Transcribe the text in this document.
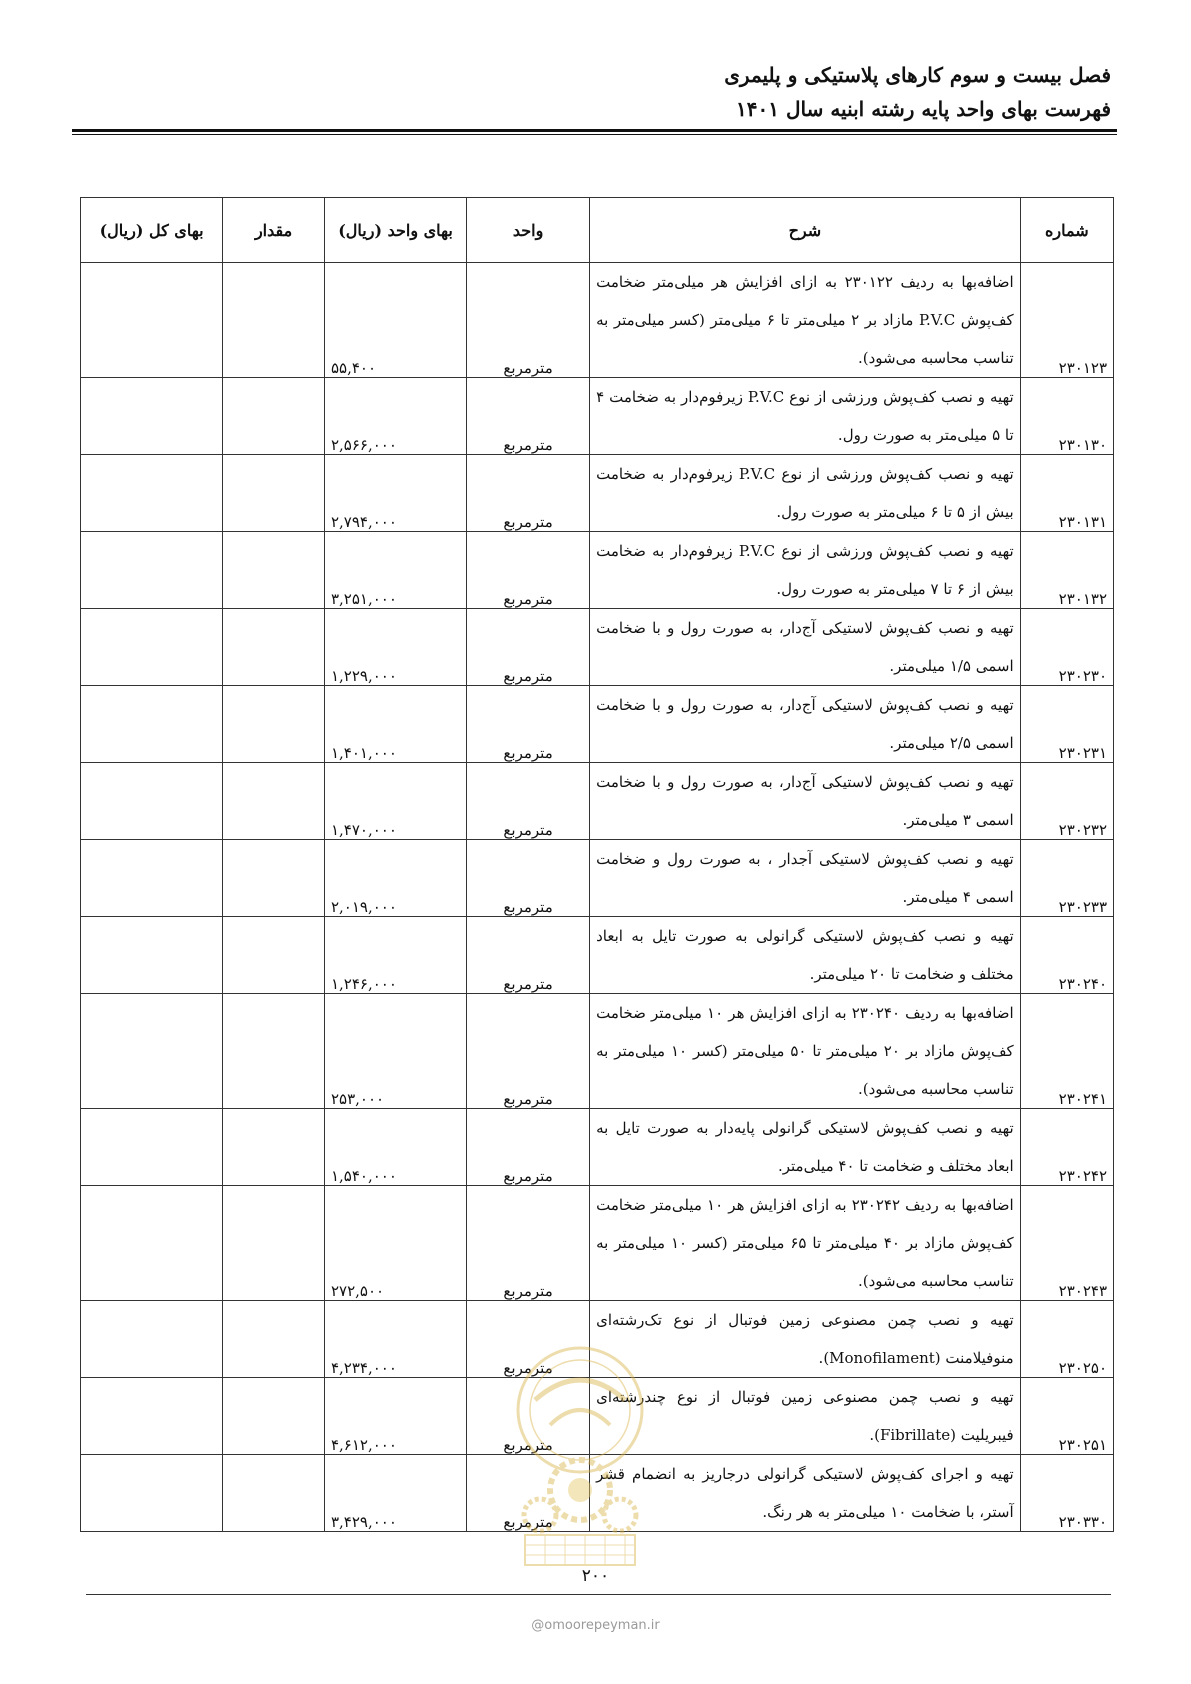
فصل بیست و سوم کارهای پلاستیکی و پلیمری
فهرست بهای واحد پایه رشته ابنیه سال ۱۴۰۱
شماره	شرح	واحد	بهای واحد (ریال)	مقدار	بهای کل (ریال)
۲۳۰۱۲۳	اضافه‌بها به ردیف ۲۳۰۱۲۲ به ازای افزایش هر میلی‌متر ضخامت کف‌پوش P.V.C مازاد بر ۲ میلی‌متر تا ۶ میلی‌متر (کسر میلی‌متر به تناسب محاسبه می‌شود).	مترمربع	۵۵,۴۰۰		
۲۳۰۱۳۰	تهیه و نصب کف‌پوش ورزشی از نوع P.V.C زیرفوم‌دار به ضخامت ۴ تا ۵ میلی‌متر به صورت رول.	مترمربع	۲,۵۶۶,۰۰۰		
۲۳۰۱۳۱	تهیه و نصب کف‌پوش ورزشی از نوع P.V.C زیرفوم‌دار به ضخامت بیش از ۵ تا ۶ میلی‌متر به صورت رول.	مترمربع	۲,۷۹۴,۰۰۰		
۲۳۰۱۳۲	تهیه و نصب کف‌پوش ورزشی از نوع P.V.C زیرفوم‌دار به ضخامت بیش از ۶ تا ۷ میلی‌متر به صورت رول.	مترمربع	۳,۲۵۱,۰۰۰		
۲۳۰۲۳۰	تهیه و نصب کف‌پوش لاستیکی آج‌دار، به صورت رول و با ضخامت اسمی ۱/۵ میلی‌متر.	مترمربع	۱,۲۲۹,۰۰۰		
۲۳۰۲۳۱	تهیه و نصب کف‌پوش لاستیکی آج‌دار، به صورت رول و با ضخامت اسمی ۲/۵ میلی‌متر.	مترمربع	۱,۴۰۱,۰۰۰		
۲۳۰۲۳۲	تهیه و نصب کف‌پوش لاستیکی آج‌دار، به صورت رول و با ضخامت اسمی ۳ میلی‌متر.	مترمربع	۱,۴۷۰,۰۰۰		
۲۳۰۲۳۳	تهیه و نصب کف‌پوش لاستیکی آجدار ، به صورت رول و ضخامت اسمی ۴ میلی‌متر.	مترمربع	۲,۰۱۹,۰۰۰		
۲۳۰۲۴۰	تهیه و نصب کف‌پوش لاستیکی گرانولی به صورت تایل به ابعاد مختلف و ضخامت تا ۲۰ میلی‌متر.	مترمربع	۱,۲۴۶,۰۰۰		
۲۳۰۲۴۱	اضافه‌بها به ردیف ۲۳۰۲۴۰ به ازای افزایش هر ۱۰ میلی‌متر ضخامت کف‌پوش مازاد بر ۲۰ میلی‌متر تا ۵۰ میلی‌متر (کسر ۱۰ میلی‌متر به تناسب محاسبه می‌شود).	مترمربع	۲۵۳,۰۰۰		
۲۳۰۲۴۲	تهیه و نصب کف‌پوش لاستیکی گرانولی پایه‌دار به صورت تایل به ابعاد مختلف و ضخامت تا ۴۰ میلی‌متر.	مترمربع	۱,۵۴۰,۰۰۰		
۲۳۰۲۴۳	اضافه‌بها به ردیف ۲۳۰۲۴۲ به ازای افزایش هر ۱۰ میلی‌متر ضخامت کف‌پوش مازاد بر ۴۰ میلی‌متر تا ۶۵ میلی‌متر (کسر ۱۰ میلی‌متر به تناسب محاسبه می‌شود).	مترمربع	۲۷۲,۵۰۰		
۲۳۰۲۵۰	تهیه و نصب چمن مصنوعی زمین فوتبال از نوع تک‌رشته‌ای منوفیلامنت (Monofilament).	مترمربع	۴,۲۳۴,۰۰۰		
۲۳۰۲۵۱	تهیه و نصب چمن مصنوعی زمین فوتبال از نوع چندرشته‌ای فیبریلیت (Fibrillate).	مترمربع	۴,۶۱۲,۰۰۰		
۲۳۰۳۳۰	تهیه و اجرای کف‌پوش لاستیکی گرانولی درجاریز به انضمام قشر آستر، با ضخامت ۱۰ میلی‌متر به هر رنگ.	مترمربع	۳,۴۲۹,۰۰۰		
۲۰۰
@omoorepeyman.ir
